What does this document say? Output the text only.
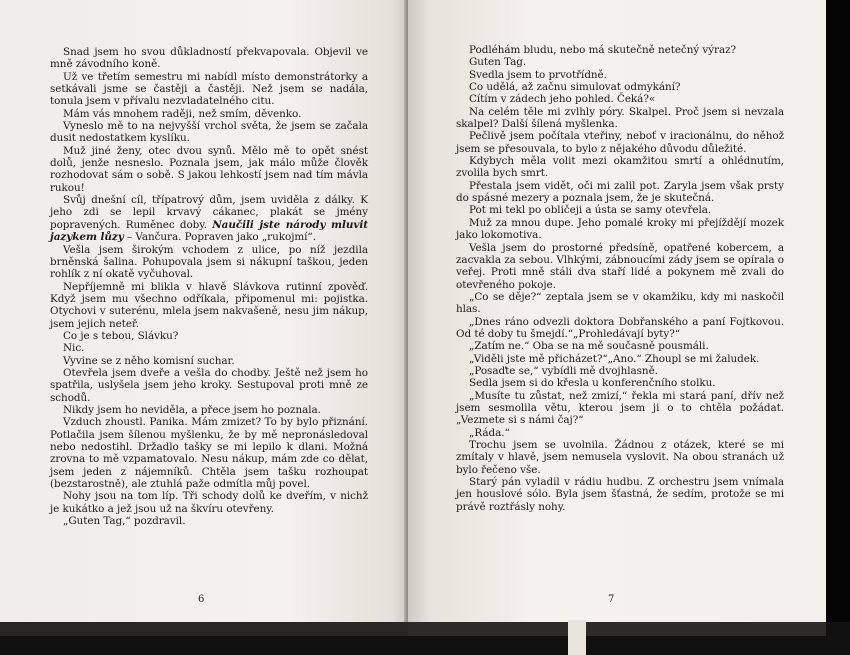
Snad jsem ho svou důkladností překvapovala. Objevil ve mně závodního koně.

Už ve třetím semestru mi nabídl místo demonstrátorky a setkávali jsme se častěji a častěji. Než jsem se nadála, tonula jsem v přívalu nezvladatelného citu.

Mám vás mnohem raději, než smím, děvenko.

Vyneslo mě to na nejvyšší vrchol světa, že jsem se začala dusit nedostatkem kyslíku.

Muž jiné ženy, otec dvou synů. Mělo mě to opět snést dolů, jenže nesneslo. Poznala jsem, jak málo může člověk rozhodovat sám o sobě. S jakou lehkostí jsem nad tím mávla rukou!

Svůj dnešní cíl, třípatrový dům, jsem uviděla z dálky. K jeho zdi se lepil krvavý cákanec, plakát se jmény popravených. Ruměnec doby. Naučili jste národy mluvit jazykem lůzy – Vančura. Popraven jako „rukojmí“.

Vešla jsem širokým vchodem z ulice, po níž jezdila brněnská šalina. Pohupovala jsem si nákupní taškou, jeden rohlík z ní okatě vyčuhoval.

Nepříjemně mi blikla v hlavě Slávkova rutinní zpověď. Když jsem mu všechno odříkala, připomenul mi: pojistka. Otychovi v suterénu, mlela jsem nakvašeně, nesu jim nákup, jsem jejich neteř.

Co je s tebou, Slávku?

Nic.

Vyvine se z něho komisní suchar.

Otevřela jsem dveře a vešla do chodby. Ještě než jsem ho spatřila, uslyšela jsem jeho kroky. Sestupoval proti mně ze schodů.

Nikdy jsem ho neviděla, a přece jsem ho poznala.

Vzduch zhoustl. Panika. Mám zmizet? To by bylo přiznání. Potlačila jsem šílenou myšlenku, že by mě nepronásledoval nebo nedostihl. Držadlo tašky se mi lepilo k dlani. Možná zrovna to mě vzpamatovalo. Nesu nákup, mám zde co dělat, jsem jeden z nájemníků. Chtěla jsem tašku rozhoupat (bezstarostně), ale ztuhlá paže odmítla můj povel.

Nohy jsou na tom líp. Tři schody dolů ke dveřím, v nichž je kukátko a jež jsou už na škvíru otevřeny.

„Guten Tag,“ pozdravil.

6

Podléhám bludu, nebo má skutečně netečný výraz?

Guten Tag.

Svedla jsem to prvotřídně.

Co udělá, až začnu simulovat odmykání?

Cítím v zádech jeho pohled. Čeká?«

Na celém těle mi zvlhly póry. Skalpel. Proč jsem si nevzala skalpel? Další šílená myšlenka.

Pečlivě jsem počítala vteřiny, neboť v iracionálnu, do něhož jsem se přesouvala, to bylo z nějakého důvodu důležité.

Kdybych měla volit mezi okamžitou smrtí a ohlédnutím, zvolila bych smrt.

Přestala jsem vidět, oči mi zalil pot. Zaryla jsem však prsty do spásné mezery a poznala jsem, že je skutečná.

Pot mi tekl po obličeji a ústa se samy otevřela.

Muž za mnou dupe. Jeho pomalé kroky mi přejíždějí mozek jako lokomotiva.

Vešla jsem do prostorné předsíně, opatřené kobercem, a zacvakla za sebou. Vlhkými, zábnoucími zády jsem se opírala o veřej. Proti mně stáli dva staří lidé a pokynem mě zvali do otevřeného pokoje.

„Co se děje?“ zeptala jsem se v okamžiku, kdy mi naskočil hlas.

„Dnes ráno odvezli doktora Dobřanského a paní Fojtkovou. Od té doby tu šmejdí.“„Prohledávají byty?“

„Zatím ne.“ Oba se na mě současně pousmáli.

„Viděli jste mě přicházet?“„Ano.“ Zhoupl se mi žaludek.

„Posaďte se,“ vybídli mě dvojhlasně.

Sedla jsem si do křesla u konferenčního stolku.

„Musíte tu zůstat, než zmizí,“ řekla mi stará paní, dřív než jsem sesmolila větu, kterou jsem ji o to chtěla požádat. „Vezmete si s námi čaj?“

„Ráda.“

Trochu jsem se uvolnila. Žádnou z otázek, které se mi zmítaly v hlavě, jsem nemusela vyslovit. Na obou stranách už bylo řečeno vše.

Starý pán vyladil v rádiu hudbu. Z orchestru jsem vnímala jen houslové sólo. Byla jsem šťastná, že sedím, protože se mi právě roztřásly nohy.

7
